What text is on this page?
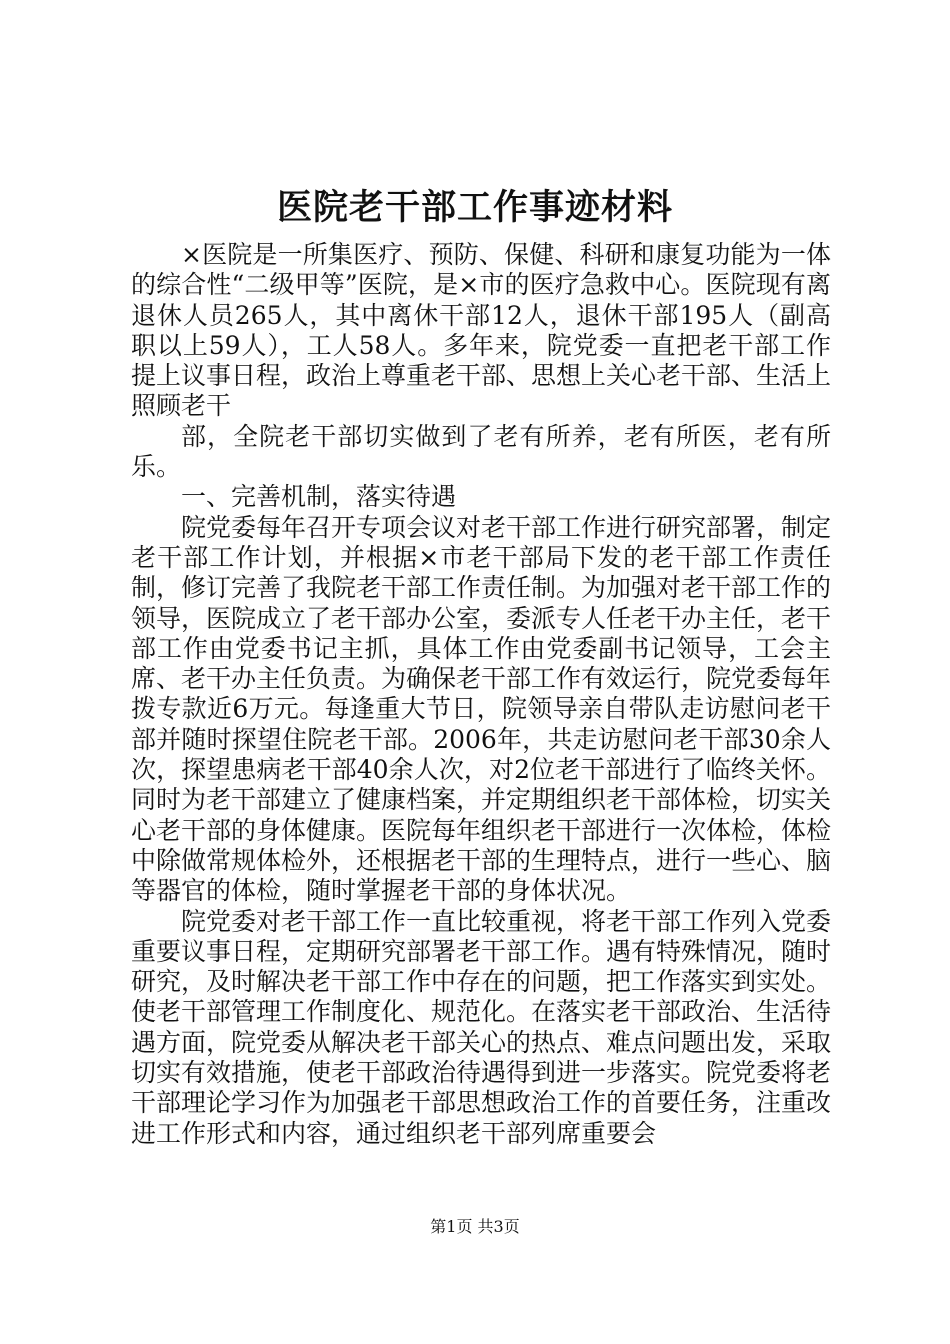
医院老干部工作事迹材料

×医院是一所集医疗、预防、保健、科研和康复功能为一体的综合性“二级甲等”医院，是×市的医疗急救中心。医院现有离退休人员265人，其中离休干部12人，退休干部195人（副高职以上59人），工人58人。多年来，院党委一直把老干部工作提上议事日程，政治上尊重老干部、思想上关心老干部、生活上照顾老干

部，全院老干部切实做到了老有所养，老有所医，老有所乐。

一、完善机制，落实待遇

院党委每年召开专项会议对老干部工作进行研究部署，制定老干部工作计划，并根据×市老干部局下发的老干部工作责任制，修订完善了我院老干部工作责任制。为加强对老干部工作的领导，医院成立了老干部办公室，委派专人任老干办主任，老干部工作由党委书记主抓，具体工作由党委副书记领导，工会主席、老干办主任负责。为确保老干部工作有效运行，院党委每年拨专款近6万元。每逢重大节日，院领导亲自带队走访慰问老干部并随时探望住院老干部。2006年，共走访慰问老干部30余人次，探望患病老干部40余人次，对2位老干部进行了临终关怀。同时为老干部建立了健康档案，并定期组织老干部体检，切实关心老干部的身体健康。医院每年组织老干部进行一次体检，体检中除做常规体检外，还根据老干部的生理特点，进行一些心、脑等器官的体检，随时掌握老干部的身体状况。

院党委对老干部工作一直比较重视，将老干部工作列入党委重要议事日程，定期研究部署老干部工作。遇有特殊情况，随时研究，及时解决老干部工作中存在的问题，把工作落实到实处。使老干部管理工作制度化、规范化。在落实老干部政治、生活待遇方面，院党委从解决老干部关心的热点、难点问题出发，采取切实有效措施，使老干部政治待遇得到进一步落实。院党委将老干部理论学习作为加强老干部思想政治工作的首要任务，注重改进工作形式和内容，通过组织老干部列席重要会

第1页 共3页
